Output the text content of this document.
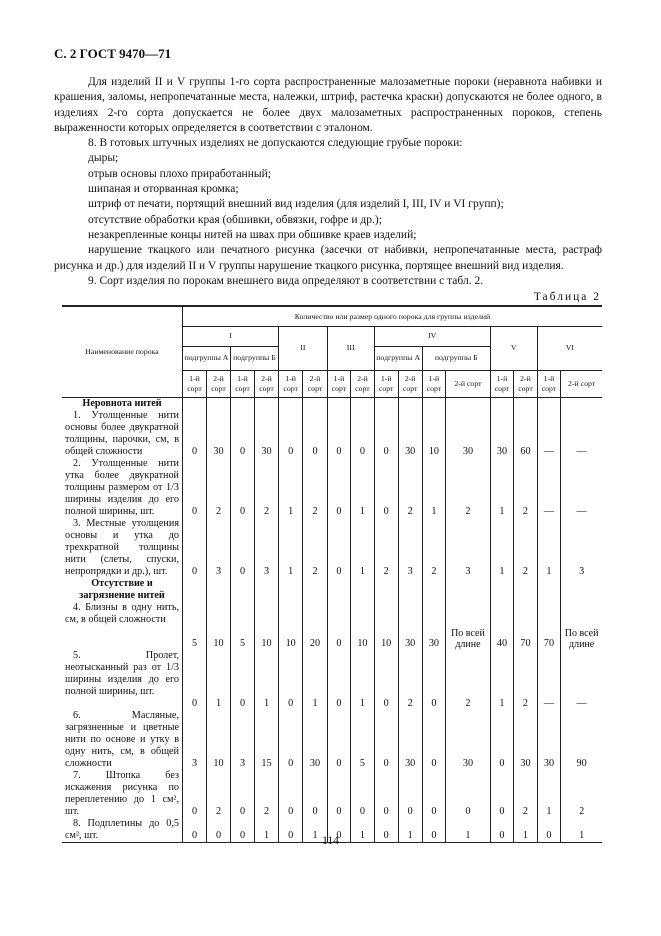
С. 2 ГОСТ 9470—71

Для изделий II и V группы 1-го сорта распространенные малозаметные пороки (неравнота набивки и крашения, заломы, непропечатанные места, належки, штриф, растечка краски) допускаются не более одного, в изделиях 2-го сорта допускается не более двух малозаметных распространенных пороков, степень выраженности которых определяется в соответствии с эталоном.

8. В готовых штучных изделиях не допускаются следующие грубые пороки:

дыры;

отрыв основы плохо приработанный;

шипаная и оторванная кромка;

штриф от печати, портящий внешний вид изделия (для изделий I, III, IV и VI групп);

отсутствие обработки края (обшивки, обвязки, гофре и др.);

незакрепленные концы нитей на швах при обшивке краев изделий;

нарушение ткацкого или печатного рисунка (засечки от набивки, непропечатанные места, растраф рисунка и др.) для изделий II и V группы нарушение ткацкого рисунка, портящее внешний вид изделия.

9. Сорт изделия по порокам внешнего вида определяют в соответствии с табл. 2.

Таблица 2
Наименование порока	Количество или размер одного порока для группы изделий															
	I				II		III		IV				V		VI	
	подгруппы А		подгруппы Б						подгруппы А		подгруппы Б					
	1-й сорт	2-й сорт	1-й сорт	2-й сорт	1-й сорт	2-й сорт	1-й сорт	2-й сорт	1-й сорт	2-й сорт	1-й сорт	2-й сорт	1-й сорт	2-й сорт	1-й сорт	2-й сорт
Неровнота нитей																

1. Утолщенные нити основы более двукратной толщины, парочки, см, в общей сложности	0	30	0	30	0	0	0	0	0	30	10	30	30	60	—	—

2. Утолщенные нити утка более двукратной толщины размером от 1/3 ширины изделия до его полной ширины, шт.	0	2	0	2	1	2	0	1	0	2	1	2	1	2	—	—

3. Местные утолщения основы и утка до трехкратной толщины нити (слеты, спуски, непропрядки и др.), шт.	0	3	0	3	1	2	0	1	2	3	2	3	1	2	1	3
Отсутствие и загрязнение нитей																

4. Близны в одну нить, см, в общей сложности	5	10	5	10	10	20	0	10	10	30	30	По всей длине	40	70	70	По всей длине

5. Пролет, неотысканный раз от 1/3 ширины изделия до его полной ширины, шт.	0	1	0	1	0	1	0	1	0	2	0	2	1	2	—	—

6. Масляные, загрязненные и цветные нити по основе и утку в одну нить, см, в общей сложности	3	10	3	15	0	30	0	5	0	30	0	30	0	30	30	90

7. Штопка без искажения рисунка по переплетению до 1 см², шт.	0	2	0	2	0	0	0	0	0	0	0	0	0	2	1	2

8. Подплетины до 0,5 см², шт.	0	0	0	1	0	1	0	1	0	1	0	1	0	1	0	1
114
